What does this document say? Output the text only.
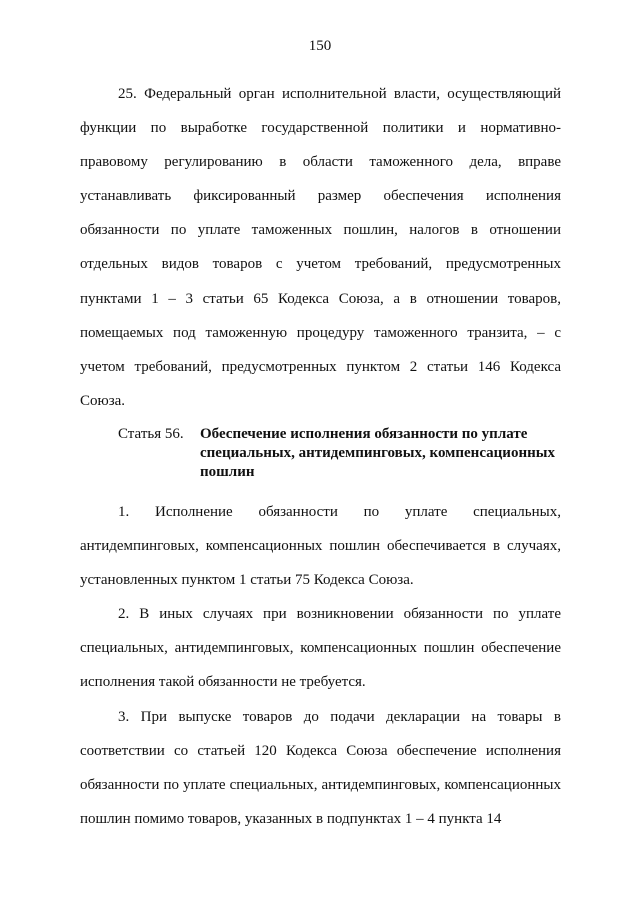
150

25. Федеральный орган исполнительной власти, осуществляющий функции по выработке государственной политики и нормативно-правовому регулированию в области таможенного дела, вправе устанавливать фиксированный размер обеспечения исполнения обязанности по уплате таможенных пошлин, налогов в отношении отдельных видов товаров с учетом требований, предусмотренных пунктами 1 – 3 статьи 65 Кодекса Союза, а в отношении товаров, помещаемых под таможенную процедуру таможенного транзита, – с учетом требований, предусмотренных пунктом 2 статьи 146 Кодекса Союза.

Статья 56.	Обеспечение исполнения обязанности по уплате специальных, антидемпинговых, компенсационных пошлин

1. Исполнение обязанности по уплате специальных, антидемпинговых, компенсационных пошлин обеспечивается в случаях, установленных пунктом 1 статьи 75 Кодекса Союза.

2. В иных случаях при возникновении обязанности по уплате специальных, антидемпинговых, компенсационных пошлин обеспечение исполнения такой обязанности не требуется.

3. При выпуске товаров до подачи декларации на товары в соответствии со статьей 120 Кодекса Союза обеспечение исполнения обязанности по уплате специальных, антидемпинговых, компенсационных пошлин помимо товаров, указанных в подпунктах 1 – 4 пункта 14
